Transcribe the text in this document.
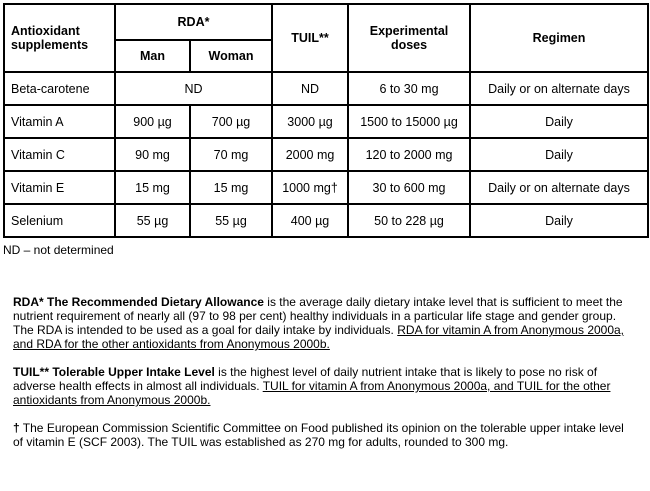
Antioxidant supplements	RDA*		TUIL**	Experimental doses	Regimen
	Man	Woman			
Beta-carotene	ND		ND	6 to 30 mg	Daily or on alternate days
Vitamin A	900 µg	700 µg	3000 µg	1500 to 15000 µg	Daily
Vitamin C	90 mg	70 mg	2000 mg	120 to 2000 mg	Daily
Vitamin E	15 mg	15 mg	1000 mg†	30 to 600 mg	Daily or on alternate days
Selenium	55 µg	55 µg	400 µg	50 to 228 µg	Daily

ND – not determined

RDA* The Recommended Dietary Allowance is the average daily dietary intake level that is sufficient to meet the nutrient requirement of nearly all (97 to 98 per cent) healthy individuals in a particular life stage and gender group. The RDA is intended to be used as a goal for daily intake by individuals. RDA for vitamin A from Anonymous 2000a, and RDA for the other antioxidants from Anonymous 2000b.

TUIL** Tolerable Upper Intake Level is the highest level of daily nutrient intake that is likely to pose no risk of adverse health effects in almost all individuals. TUIL for vitamin A from Anonymous 2000a, and TUIL for the other antioxidants from Anonymous 2000b.

† The European Commission Scientific Committee on Food published its opinion on the tolerable upper intake level of vitamin E (SCF 2003). The TUIL was established as 270 mg for adults, rounded to 300 mg.
